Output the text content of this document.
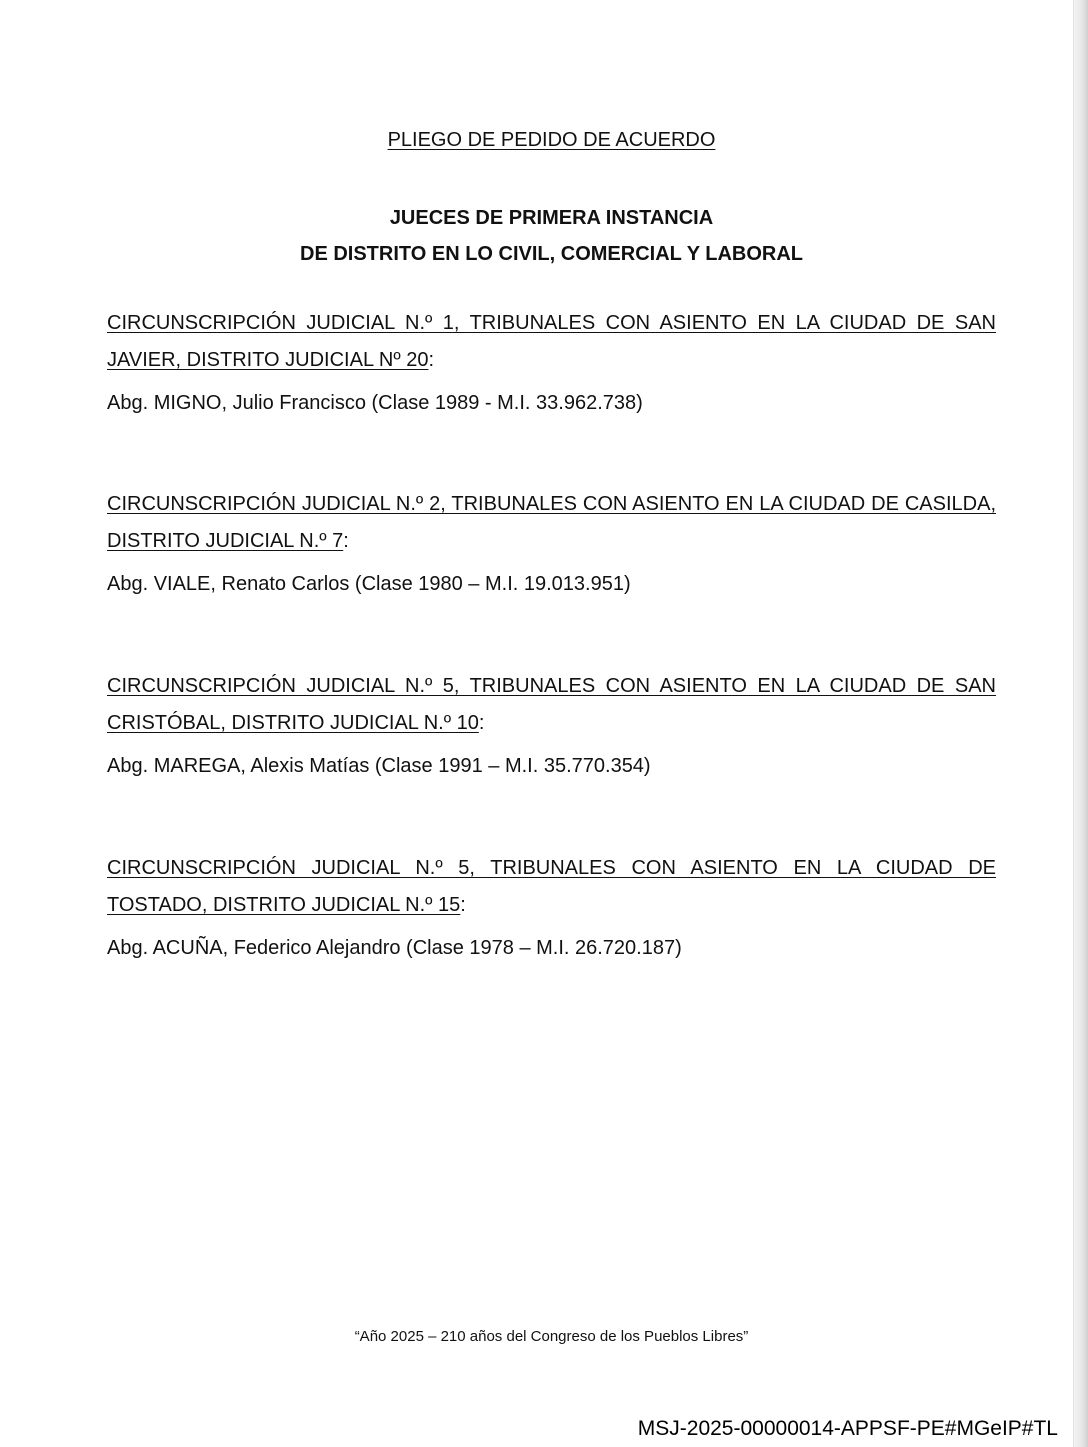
PLIEGO DE PEDIDO DE ACUERDO
JUECES DE PRIMERA INSTANCIA
DE DISTRITO EN LO CIVIL, COMERCIAL Y LABORAL

CIRCUNSCRIPCIÓN JUDICIAL N.º 1, TRIBUNALES CON ASIENTO EN LA CIUDAD DE SAN JAVIER, DISTRITO JUDICIAL Nº 20:

Abg. MIGNO, Julio Francisco (Clase 1989 - M.I. 33.962.738)

CIRCUNSCRIPCIÓN JUDICIAL N.º 2, TRIBUNALES CON ASIENTO EN LA CIUDAD DE CASILDA, DISTRITO JUDICIAL N.º 7:

Abg. VIALE, Renato Carlos (Clase 1980 – M.I. 19.013.951)

CIRCUNSCRIPCIÓN JUDICIAL N.º 5, TRIBUNALES CON ASIENTO EN LA CIUDAD DE SAN CRISTÓBAL, DISTRITO JUDICIAL N.º 10:

Abg. MAREGA, Alexis Matías (Clase 1991 – M.I. 35.770.354)

CIRCUNSCRIPCIÓN JUDICIAL N.º 5, TRIBUNALES CON ASIENTO EN LA CIUDAD DE TOSTADO, DISTRITO JUDICIAL N.º 15:

Abg. ACUÑA, Federico Alejandro (Clase 1978 – M.I. 26.720.187)
“Año 2025 – 210 años del Congreso de los Pueblos Libres”
MSJ-2025-00000014-APPSF-PE#MGeIP#TL
